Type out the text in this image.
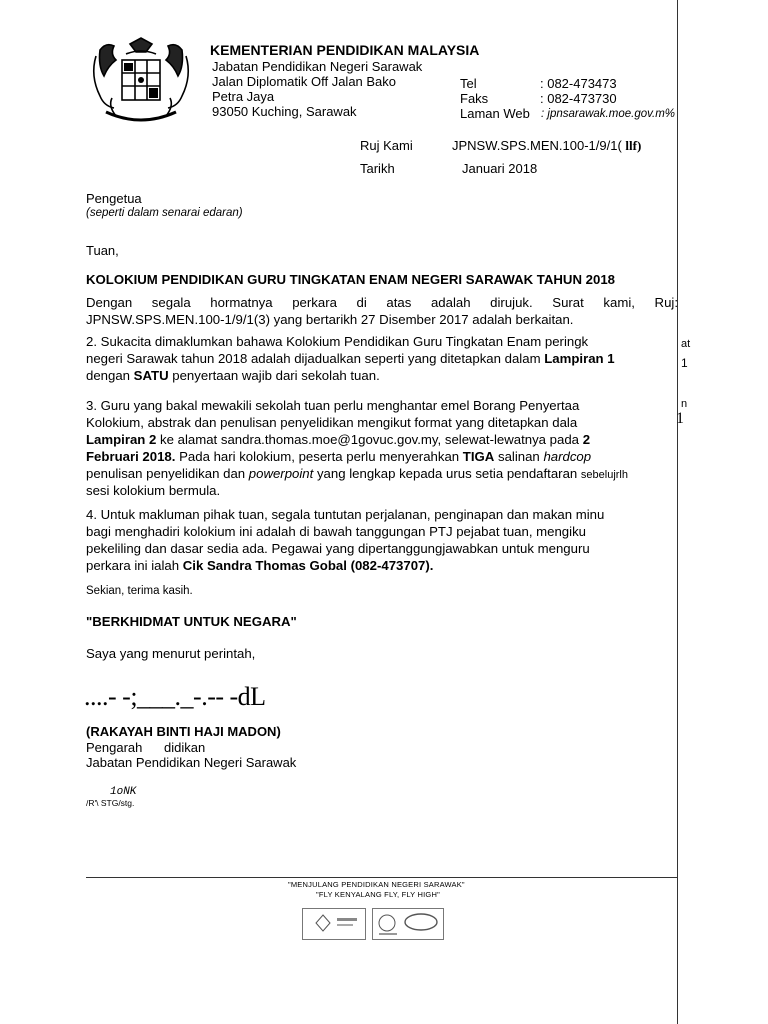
KEMENTERIAN PENDIDIKAN MALAYSIA
Jabatan Pendidikan Negeri Sarawak
Jalan Diplomatik Off Jalan Bako
Petra Jaya
93050 Kuching, Sarawak
Tel	: 082-473473
Faks	: 082-473730
Laman Web : jpnsarawak.moe.gov.m%
Ruj Kami	JPNSW.SPS.MEN.100-1/9/1( llf)
Tarikh	Januari 2018
Pengetua
(seperti dalam senarai edaran)
Tuan,
KOLOKIUM PENDIDIKAN GURU TINGKATAN ENAM NEGERI SARAWAK TAHUN 2018
Dengan segala hormatnya perkara di atas adalah dirujuk. Surat kami, Ruj:
JPNSW.SPS.MEN.100-1/9/1(3) yang bertarikh 27 Disember 2017 adalah berkaitan.
2. Sukacita dimaklumkan bahawa Kolokium Pendidikan Guru Tingkatan Enam peringk
negeri Sarawak tahun 2018 adalah dijadualkan seperti yang ditetapkan dalam Lampiran 1
dengan SATU penyertaan wajib dari sekolah tuan.
at
1
n
1
3. Guru yang bakal mewakili sekolah tuan perlu menghantar emel Borang Penyertaa
Kolokium, abstrak dan penulisan penyelidikan mengikut format yang ditetapkan dala
Lampiran 2 ke alamat sandra.thomas.moe@1govuc.gov.my, selewat-lewatnya pada 2
Februari 2018. Pada hari kolokium, peserta perlu menyerahkan TIGA salinan hardcop
penulisan penyelidikan dan powerpoint yang lengkap kepada urus setia pendaftaran sebelujrlh
sesi kolokium bermula.
4. Untuk makluman pihak tuan, segala tuntutan perjalanan, penginapan dan makan minu
bagi menghadiri kolokium ini adalah di bawah tanggungan PTJ pejabat tuan, mengiku
pekeliling dan dasar sedia ada. Pegawai yang dipertanggungjawabkan untuk menguru
perkara ini ialah Cik Sandra Thomas Gobal (082-473707).
Sekian, terima kasih.
"BERKHIDMAT UNTUK NEGARA"
Saya yang menurut perintah,
....- -;___._-.-- -dL
(RAKAYAH BINTI HAJI MADON)
Pengarah      didikan
Jabatan Pendidikan Negeri Sarawak
1oNK
/R'\ STG/stg.
"MENJULANG PENDIDIKAN NEGERI SARAWAK"
"FLY KENYALANG FLY, FLY HIGH"
